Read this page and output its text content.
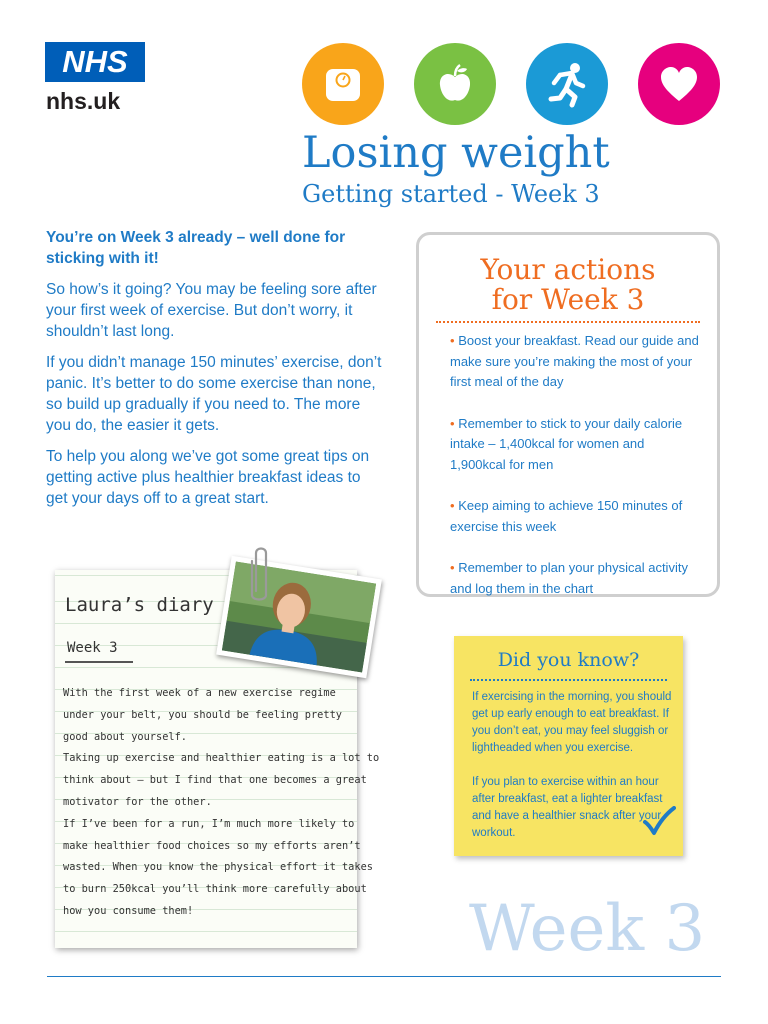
NHS
nhs.uk
Losing weight
Getting started - Week 3

You’re on Week 3 already – well done for sticking with it!

So how’s it going? You may be feeling sore after your first week of exercise. But don’t worry, it shouldn’t last long.

If you didn’t manage 150 minutes’ exercise, don’t panic. It’s better to do some exercise than none, so build up gradually if you need to. The more you do, the easier it gets.

To help you along we’ve got some great tips on getting active plus healthier breakfast ideas to get your days off to a great start.

Your actions
for Week 3
• Boost your breakfast. Read our guide and make sure you’re making the most of your first meal of the day
• Remember to stick to your daily calorie intake – 1,400kcal for women and 1,900kcal for men
• Keep aiming to achieve 150 minutes of exercise this week
• Remember to plan your physical activity and log them in the chart
Did you know?

If exercising in the morning, you should get up early enough to eat breakfast. If you don’t eat, you may feel sluggish or lightheaded when you exercise.

If you plan to exercise within an hour after breakfast, eat a lighter breakfast and have a healthier snack after your workout.

Laura’s diary
Week 3
With the first week of a new exercise regime
under your belt, you should be feeling pretty
good about yourself.
Taking up exercise and healthier eating is a lot to
think about – but I find that one becomes a great
motivator for the other.
If I’ve been for a run, I’m much more likely to
make healthier food choices so my efforts aren’t
wasted. When you know the physical effort it takes
to burn 250kcal you’ll think more carefully about
how you consume them!	Week 3
